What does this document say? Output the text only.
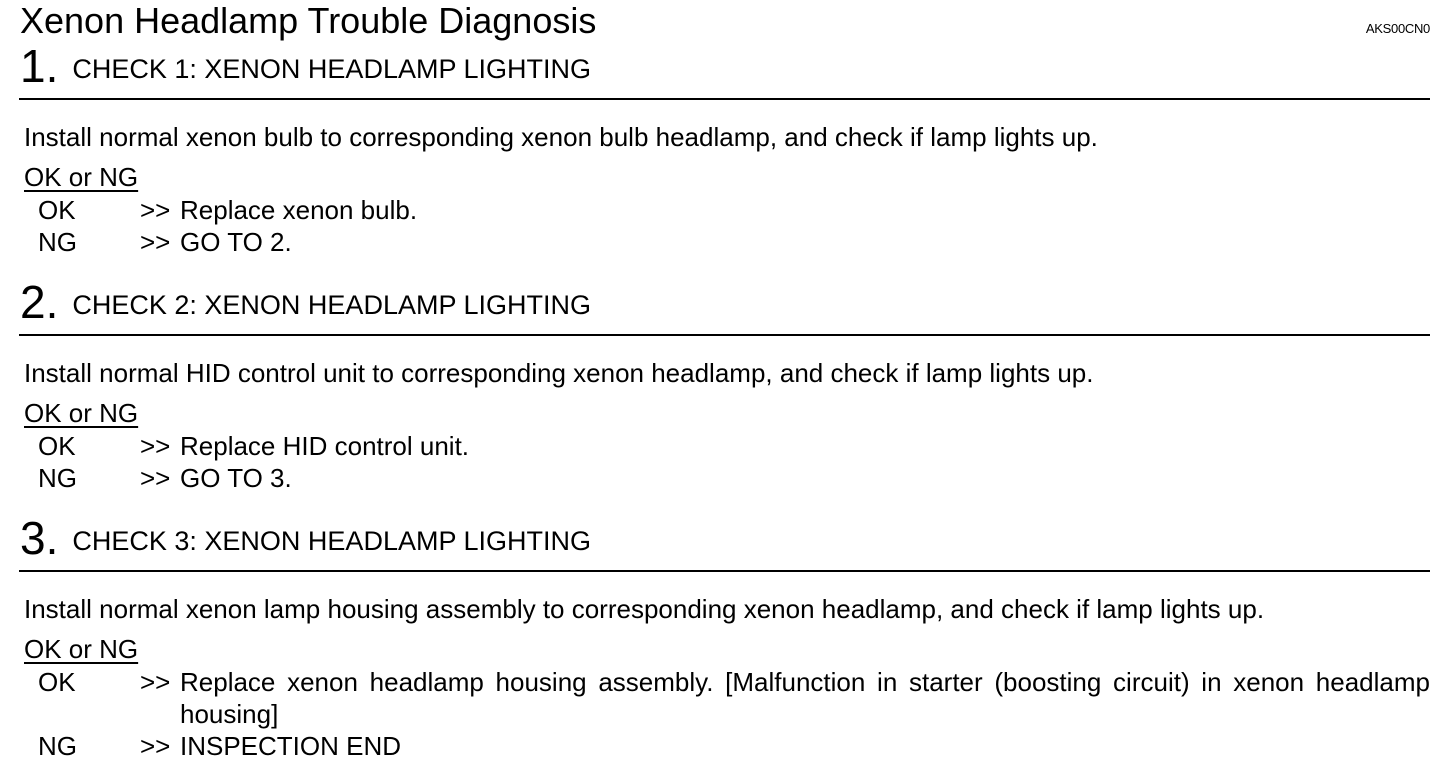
Xenon Headlamp Trouble Diagnosis	AKS00CN0
1. CHECK 1: XENON HEADLAMP LIGHTING
Install normal xenon bulb to corresponding xenon bulb headlamp, and check if lamp lights up.
OK or NG
OK >> Replace xenon bulb.
NG >> GO TO 2.
2. CHECK 2: XENON HEADLAMP LIGHTING
Install normal HID control unit to corresponding xenon headlamp, and check if lamp lights up.
OK or NG
OK >> Replace HID control unit.
NG >> GO TO 3.
3. CHECK 3: XENON HEADLAMP LIGHTING
Install normal xenon lamp housing assembly to corresponding xenon headlamp, and check if lamp lights up.
OK or NG
OK >> Replace xenon headlamp housing assembly. [Malfunction in starter (boosting circuit) in xenon headlamp housing]
NG >> INSPECTION END
